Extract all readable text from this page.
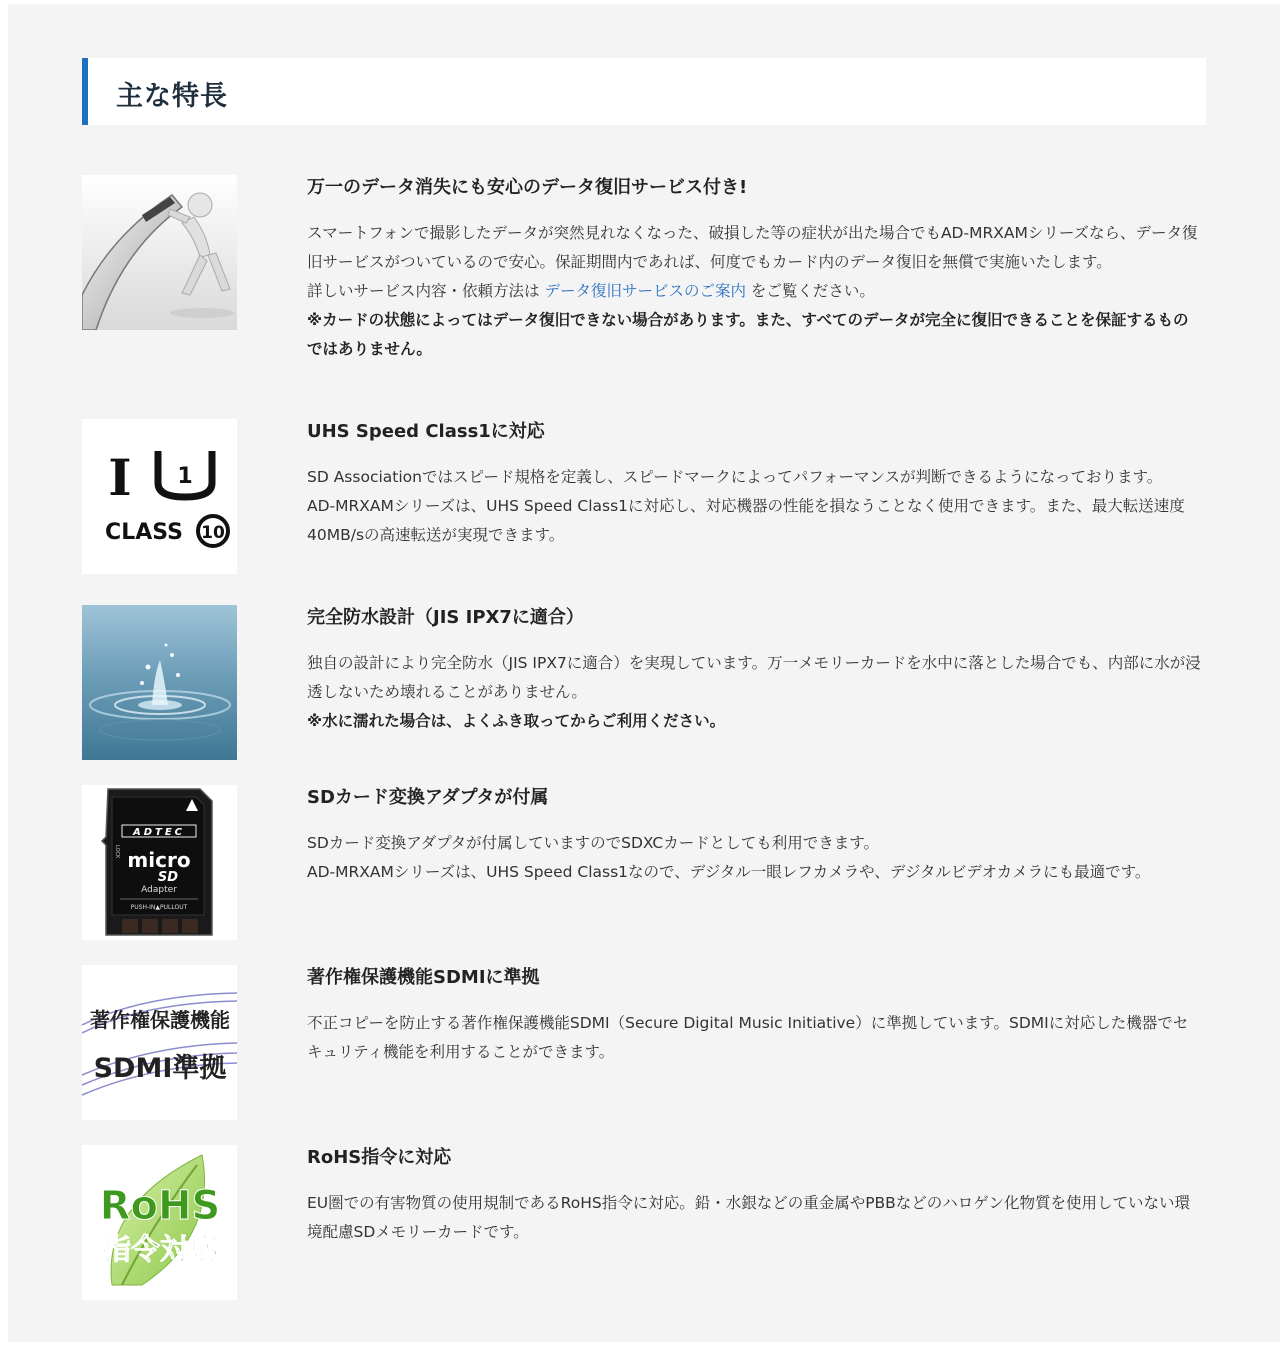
主な特長
万一のデータ消失にも安心のデータ復旧サービス付き!

スマートフォンで撮影したデータが突然見れなくなった、破損した等の症状が出た場合でもAD-MRXAMシリーズなら、データ復旧サービスがついているので安心。保証期間内であれば、何度でもカード内のデータ復旧を無償で実施いたします。

詳しいサービス内容・依頼方法は データ復旧サービスのご案内 をご覧ください。

※カードの状態によってはデータ復旧できない場合があります。また、すべてのデータが完全に復旧できることを保証するものではありません。

I 1
CLASS 10
UHS Speed Class1に対応

SD Associationではスピード規格を定義し、スピードマークによってパフォーマンスが判断できるようになっております。

AD-MRXAMシリーズは、UHS Speed Class1に対応し、対応機器の性能を損なうことなく使用できます。また、最大転送速度40MB/sの高速転送が実現できます。

完全防水設計（JIS IPX7に適合）

独自の設計により完全防水（JIS IPX7に適合）を実現しています。万一メモリーカードを水中に落とした場合でも、内部に水が浸透しないため壊れることがありません。

※水に濡れた場合は、よくふき取ってからご利用ください。

ADTEC
LOCK micro
SD
Adapter
PUSH-IN▲PULLOUT
SDカード変換アダプタが付属

SDカード変換アダプタが付属していますのでSDXCカードとしても利用できます。

AD-MRXAMシリーズは、UHS Speed Class1なので、デジタル一眼レフカメラや、デジタルビデオカメラにも最適です。

著作権保護機能
SDMI準拠
著作権保護機能SDMIに準拠

不正コピーを防止する著作権保護機能SDMI（Secure Digital Music Initiative）に準拠しています。SDMIに対応した機器でセキュリティ機能を利用することができます。

RoHS
指令対応
RoHS指令に対応

EU圏での有害物質の使用規制であるRoHS指令に対応。鉛・水銀などの重金属やPBBなどのハロゲン化物質を使用していない環境配慮SDメモリーカードです。
